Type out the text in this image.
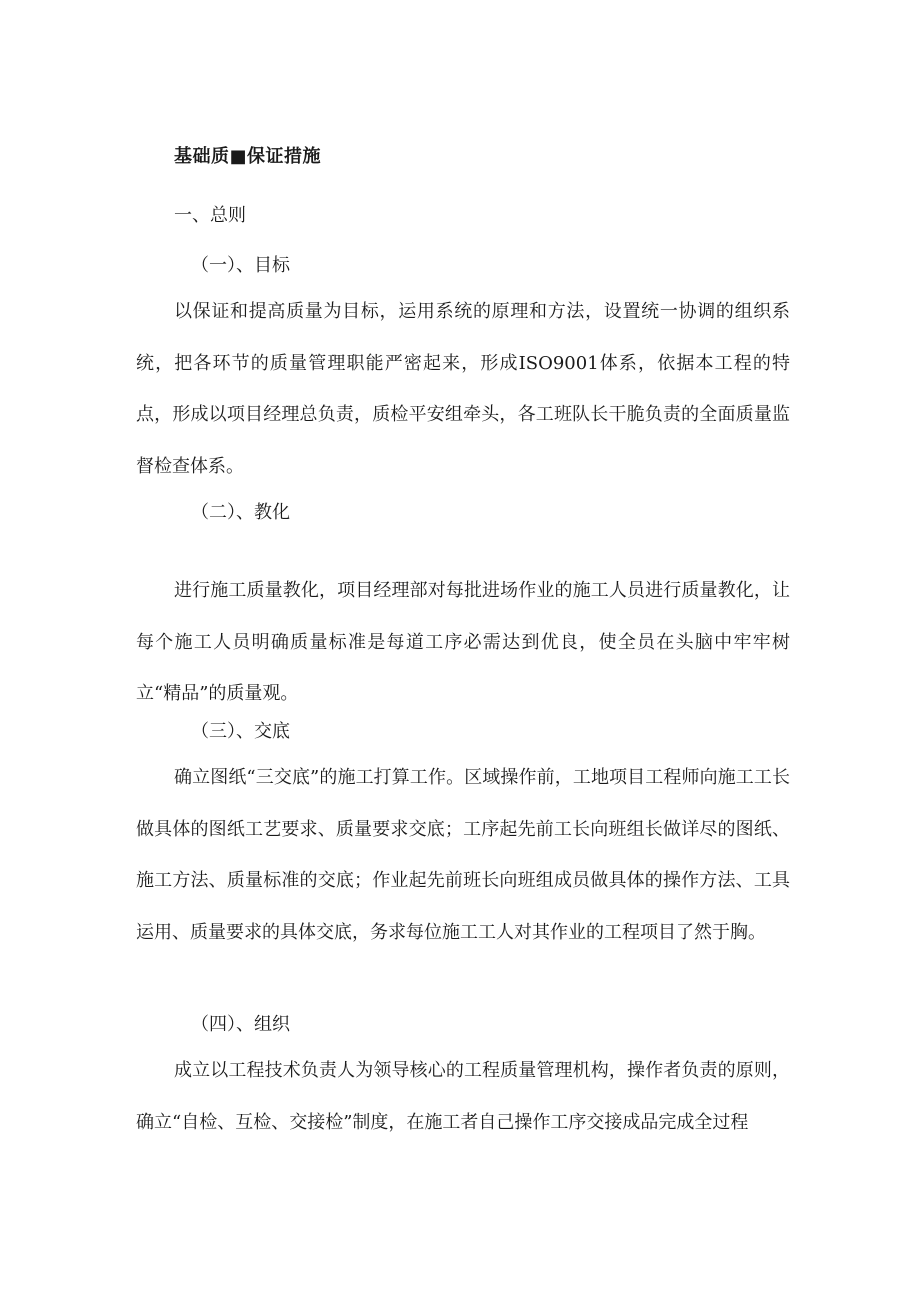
基础质■保证措施
一、总则
（一）、目标

以保证和提高质量为目标，运用系统的原理和方法，设置统一协调的组织系统，把各环节的质量管理职能严密起来，形成ISO9001体系，依据本工程的特点，形成以项目经理总负责，质检平安组牵头，各工班队长干脆负责的全面质量监督检查体系。

（二）、教化

进行施工质量教化，项目经理部对每批进场作业的施工人员进行质量教化，让每个施工人员明确质量标准是每道工序必需达到优良，使全员在头脑中牢牢树立“精品”的质量观。

（三）、交底

确立图纸“三交底”的施工打算工作。区域操作前，工地项目工程师向施工工长做具体的图纸工艺要求、质量要求交底；工序起先前工长向班组长做详尽的图纸、施工方法、质量标准的交底；作业起先前班长向班组成员做具体的操作方法、工具运用、质量要求的具体交底，务求每位施工工人对其作业的工程项目了然于胸。

（四）、组织

成立以工程技术负责人为领导核心的工程质量管理机构，操作者负责的原则，确立“自检、互检、交接检”制度，在施工者自己操作工序交接成品完成全过程
